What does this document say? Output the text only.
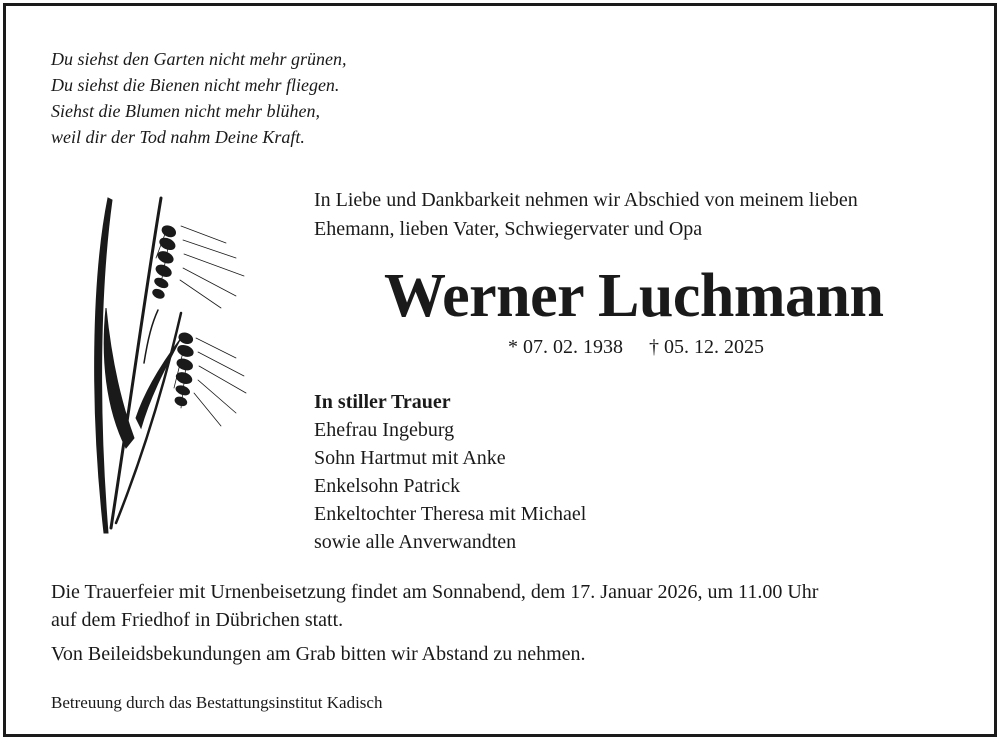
Du siehst den Garten nicht mehr grünen,
Du siehst die Bienen nicht mehr fliegen.
Siehst die Blumen nicht mehr blühen,
weil dir der Tod nahm Deine Kraft.
In Liebe und Dankbarkeit nehmen wir Abschied von meinem lieben
Ehemann, lieben Vater, Schwiegervater und Opa
Werner Luchmann
* 07. 02. 1938 † 05. 12. 2025
In stiller Trauer
Ehefrau Ingeburg
Sohn Hartmut mit Anke
Enkelsohn Patrick
Enkeltochter Theresa mit Michael
sowie alle Anverwandten
Die Trauerfeier mit Urnenbeisetzung findet am Sonnabend, dem 17. Januar 2026, um 11.00 Uhr
auf dem Friedhof in Dübrichen statt.
Von Beileidsbekundungen am Grab bitten wir Abstand zu nehmen.
Betreuung durch das Bestattungsinstitut Kadisch
